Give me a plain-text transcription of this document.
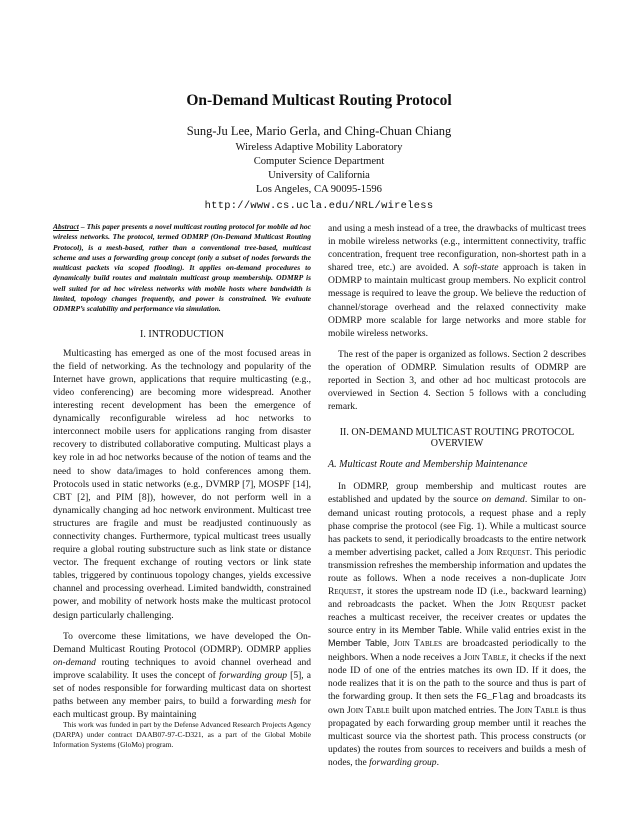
On-Demand Multicast Routing Protocol
Sung-Ju Lee, Mario Gerla, and Ching-Chuan Chiang
Wireless Adaptive Mobility Laboratory
Computer Science Department
University of California
Los Angeles, CA 90095-1596
http://www.cs.ucla.edu/NRL/wireless

Abstract – This paper presents a novel multicast routing protocol for mobile ad hoc wireless networks. The protocol, termed ODMRP (On-Demand Multicast Routing Protocol), is a mesh-based, rather than a conventional tree-based, multicast scheme and uses a forwarding group concept (only a subset of nodes forwards the multicast packets via scoped flooding). It applies on-demand procedures to dynamically build routes and maintain multicast group membership. ODMRP is well suited for ad hoc wireless networks with mobile hosts where bandwidth is limited, topology changes frequently, and power is constrained. We evaluate ODMRP’s scalability and performance via simulation.

I. INTRODUCTION

Multicasting has emerged as one of the most focused areas in the field of networking. As the technology and popularity of the Internet have grown, applications that require multicasting (e.g., video conferencing) are becoming more widespread. Another interesting recent development has been the emergence of dynamically reconfigurable wireless ad hoc networks to interconnect mobile users for applications ranging from disaster recovery to distributed collaborative computing. Multicast plays a key role in ad hoc networks because of the notion of teams and the need to show data/images to hold conferences among them. Protocols used in static networks (e.g., DVMRP [7], MOSPF [14], CBT [2], and PIM [8]), however, do not perform well in a dynamically changing ad hoc network environment. Multicast tree structures are fragile and must be readjusted continuously as connectivity changes. Furthermore, typical multicast trees usually require a global routing substructure such as link state or distance vector. The frequent exchange of routing vectors or link state tables, triggered by continuous topology changes, yields excessive channel and processing overhead. Limited bandwidth, constrained power, and mobility of network hosts make the multicast protocol design particularly challenging.

To overcome these limitations, we have developed the On-Demand Multicast Routing Protocol (ODMRP). ODMRP applies on-demand routing techniques to avoid channel overhead and improve scalability. It uses the concept of forwarding group [5], a set of nodes responsible for forwarding multicast data on shortest paths between any member pairs, to build a forwarding mesh for each multicast group. By maintaining

This work was funded in part by the Defense Advanced Research Projects Agency (DARPA) under contract DAAB07-97-C-D321, as a part of the Global Mobile Information Systems (GloMo) program.

and using a mesh instead of a tree, the drawbacks of multicast trees in mobile wireless networks (e.g., intermittent connectivity, traffic concentration, frequent tree reconfiguration, non-shortest path in a shared tree, etc.) are avoided. A soft-state approach is taken in ODMRP to maintain multicast group members. No explicit control message is required to leave the group. We believe the reduction of channel/storage overhead and the relaxed connectivity make ODMRP more scalable for large networks and more stable for mobile wireless networks.

The rest of the paper is organized as follows. Section 2 describes the operation of ODMRP. Simulation results of ODMRP are reported in Section 3, and other ad hoc multicast protocols are overviewed in Section 4. Section 5 follows with a concluding remark.

II. ON-DEMAND MULTICAST ROUTING PROTOCOL

OVERVIEW

A. Multicast Route and Membership Maintenance

In ODMRP, group membership and multicast routes are established and updated by the source on demand. Similar to on-demand unicast routing protocols, a request phase and a reply phase comprise the protocol (see Fig. 1). While a multicast source has packets to send, it periodically broadcasts to the entire network a member advertising packet, called a Join Request. This periodic transmission refreshes the membership information and updates the route as follows. When a node receives a non-duplicate Join Request, it stores the upstream node ID (i.e., backward learning) and rebroadcasts the packet. When the Join Request packet reaches a multicast receiver, the receiver creates or updates the source entry in its Member Table. While valid entries exist in the Member Table, Join Tables are broadcasted periodically to the neighbors. When a node receives a Join Table, it checks if the next node ID of one of the entries matches its own ID. If it does, the node realizes that it is on the path to the source and thus is part of the forwarding group. It then sets the FG_Flag and broadcasts its own Join Table built upon matched entries. The Join Table is thus propagated by each forwarding group member until it reaches the multicast source via the shortest path. This process constructs (or updates) the routes from sources to receivers and builds a mesh of nodes, the forwarding group.
